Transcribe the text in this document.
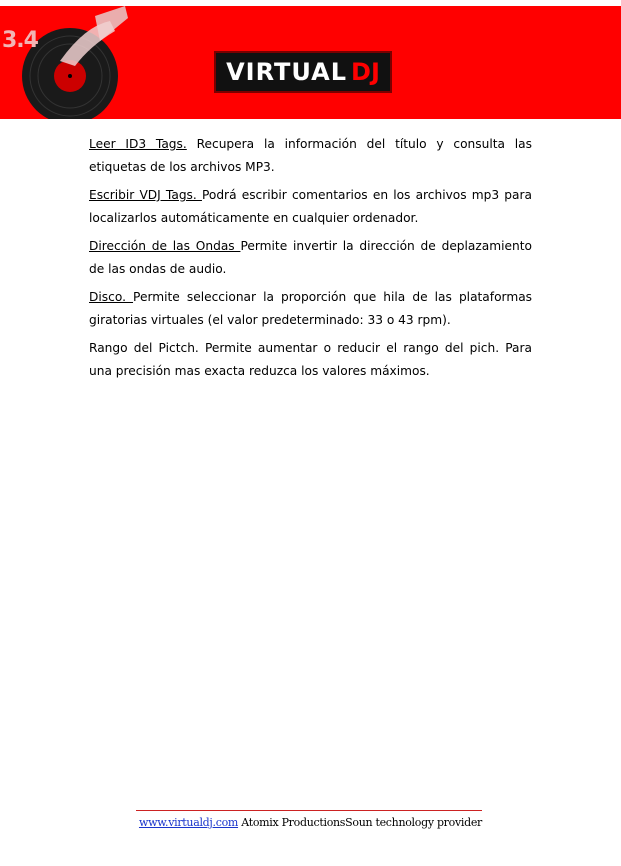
3.4
VIRTUAL DJ

Leer ID3 Tags. Recupera la información del título y consulta las etiquetas de los archivos MP3.

Escribir VDJ Tags. Podrá escribir comentarios en los archivos mp3 para localizarlos automáticamente en cualquier ordenador.

Dirección de las Ondas Permite invertir la dirección de deplazamiento de las ondas de audio.

Disco. Permite seleccionar la proporción que hila de las plataformas giratorias virtuales (el valor predeterminado: 33 o 43 rpm).

Rango del Pictch. Permite aumentar o reducir el rango del pich. Para una precisión mas exacta reduzca los valores máximos.

www.virtualdj.com Atomix ProductionsSoun technology provider
